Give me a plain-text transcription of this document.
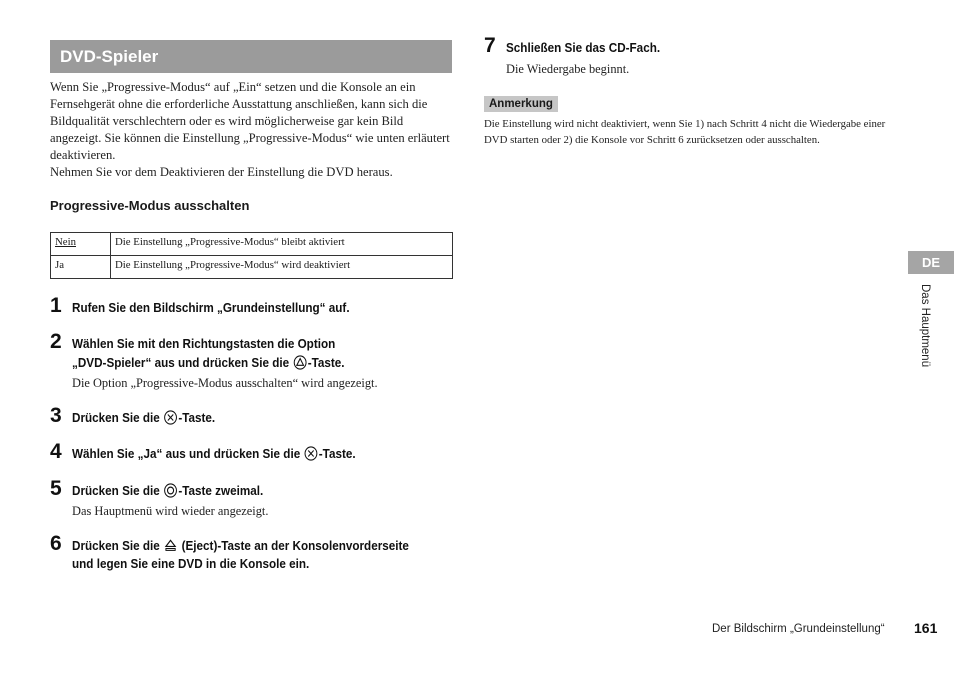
DVD-Spieler
Wenn Sie „Progressive-Modus“ auf „Ein“ setzen und die Konsole an ein Fernsehgerät ohne die erforderliche Ausstattung anschließen, kann sich die Bildqualität verschlechtern oder es wird möglicherweise gar kein Bild angezeigt. Sie können die Einstellung „Progressive-Modus“ wie unten erläutert deaktivieren.
Nehmen Sie vor dem Deaktivieren der Einstellung die DVD heraus.
Progressive-Modus ausschalten
Nein	Die Einstellung „Progressive-Modus“ bleibt aktiviert
Ja	Die Einstellung „Progressive-Modus“ wird deaktiviert
1 Rufen Sie den Bildschirm „Grundeinstellung“ auf.
2 Wählen Sie mit den Richtungstasten die Option
„DVD-Spieler“ aus und drücken Sie die -Taste.
Die Option „Progressive-Modus ausschalten“ wird angezeigt.
3 Drücken Sie die -Taste.
4 Wählen Sie „Ja“ aus und drücken Sie die -Taste.
5 Drücken Sie die -Taste zweimal.
Das Hauptmenü wird wieder angezeigt.
6 Drücken Sie die  (Eject)-Taste an der Konsolenvorderseite
und legen Sie eine DVD in die Konsole ein.
7 Schließen Sie das CD-Fach.
Die Wiedergabe beginnt.
Anmerkung
Die Einstellung wird nicht deaktiviert, wenn Sie 1) nach Schritt 4 nicht die Wiedergabe einer DVD starten oder 2) die Konsole vor Schritt 6 zurücksetzen oder ausschalten.
DE
Das Hauptmenü
Der Bildschirm „Grundeinstellung“ 161
